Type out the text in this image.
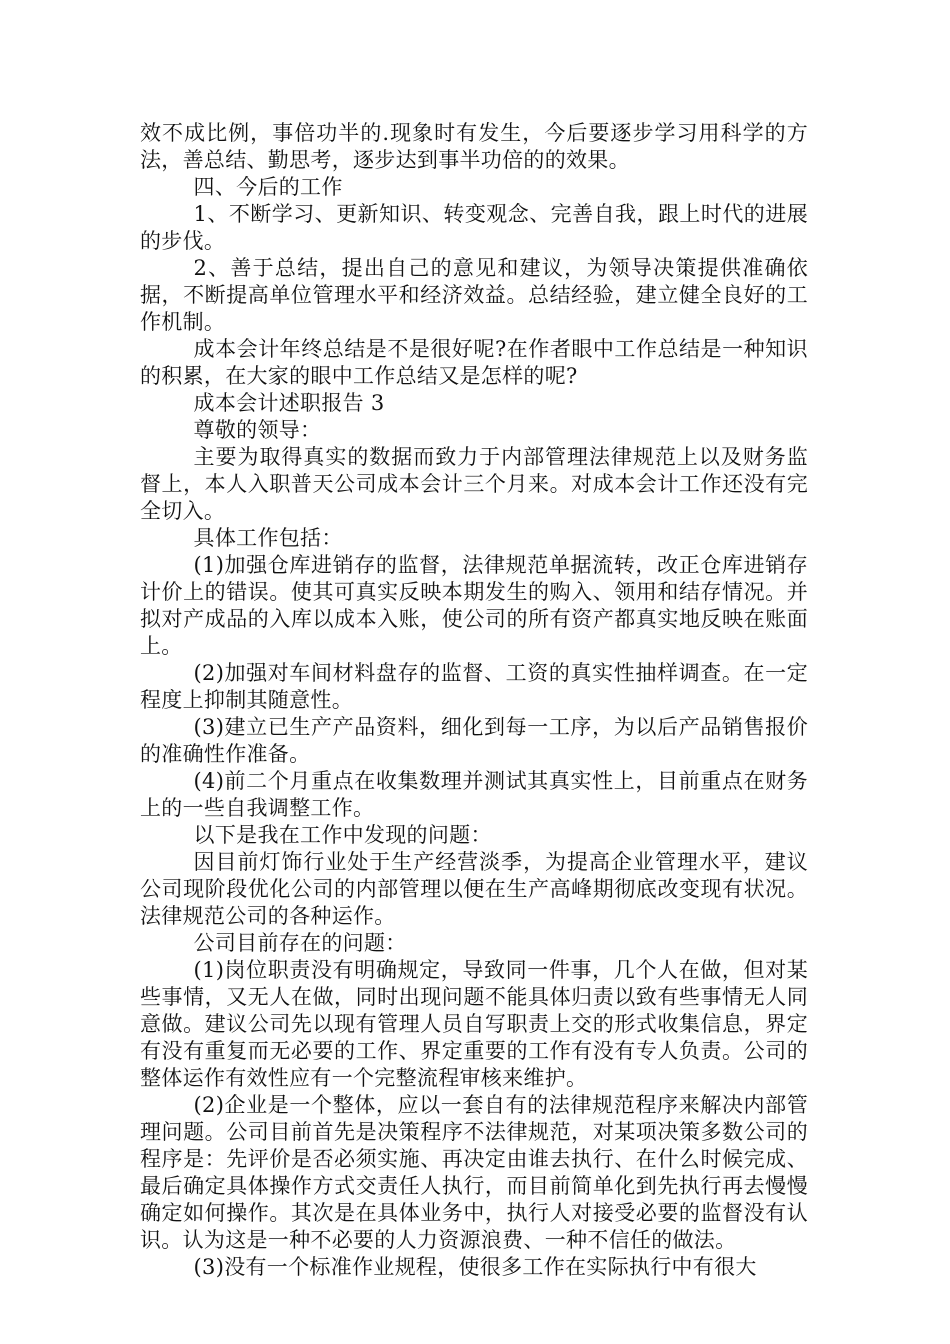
效不成比例，事倍功半的.现象时有发生，今后要逐步学习用科学的方法，善总结、勤思考，逐步达到事半功倍的的效果。

四、今后的工作

1、不断学习、更新知识、转变观念、完善自我，跟上时代的进展的步伐。

2、善于总结，提出自己的意见和建议，为领导决策提供准确依据，不断提高单位管理水平和经济效益。总结经验，建立健全良好的工作机制。

成本会计年终总结是不是很好呢?在作者眼中工作总结是一种知识的积累，在大家的眼中工作总结又是怎样的呢?

成本会计述职报告 3

尊敬的领导：

主要为取得真实的数据而致力于内部管理法律规范上以及财务监督上，本人入职普天公司成本会计三个月来。对成本会计工作还没有完全切入。

具体工作包括：

(1)加强仓库进销存的监督，法律规范单据流转，改正仓库进销存计价上的错误。使其可真实反映本期发生的购入、领用和结存情况。并拟对产成品的入库以成本入账，使公司的所有资产都真实地反映在账面上。

(2)加强对车间材料盘存的监督、工资的真实性抽样调查。在一定程度上抑制其随意性。

(3)建立已生产产品资料，细化到每一工序，为以后产品销售报价的准确性作准备。

(4)前二个月重点在收集数理并测试其真实性上，目前重点在财务上的一些自我调整工作。

以下是我在工作中发现的问题：

因目前灯饰行业处于生产经营淡季，为提高企业管理水平，建议公司现阶段优化公司的内部管理以便在生产高峰期彻底改变现有状况。法律规范公司的各种运作。

公司目前存在的问题：

(1)岗位职责没有明确规定，导致同一件事，几个人在做，但对某些事情，又无人在做，同时出现问题不能具体归责以致有些事情无人同意做。建议公司先以现有管理人员自写职责上交的形式收集信息，界定有没有重复而无必要的工作、界定重要的工作有没有专人负责。公司的整体运作有效性应有一个完整流程审核来维护。

(2)企业是一个整体，应以一套自有的法律规范程序来解决内部管理问题。公司目前首先是决策程序不法律规范，对某项决策多数公司的程序是：先评价是否必须实施、再决定由谁去执行、在什么时候完成、最后确定具体操作方式交责任人执行，而目前简单化到先执行再去慢慢确定如何操作。其次是在具体业务中，执行人对接受必要的监督没有认识。认为这是一种不必要的人力资源浪费、一种不信任的做法。

(3)没有一个标准作业规程，使很多工作在实际执行中有很大
